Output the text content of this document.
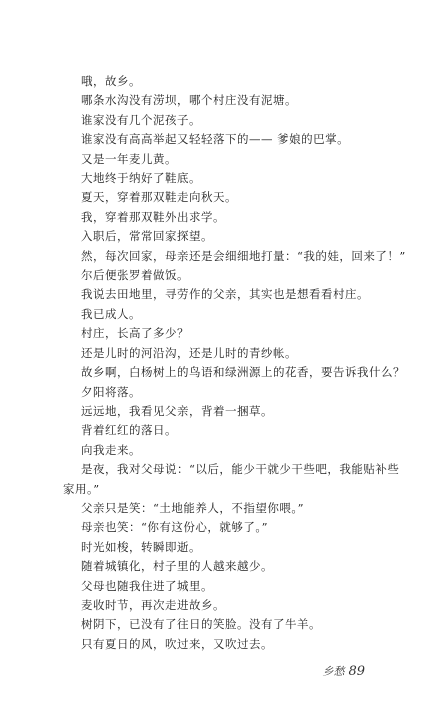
哦，故乡。
哪条水沟没有涝坝，哪个村庄没有泥塘。
谁家没有几个泥孩子。
谁家没有高高举起又轻轻落下的—— 爹娘的巴掌。
又是一年麦儿黄。
大地终于纳好了鞋底。
夏天，穿着那双鞋走向秋天。
我，穿着那双鞋外出求学。
入职后，常常回家探望。
然，每次回家，母亲还是会细细地打量：“我的娃，回来了！”
尔后便张罗着做饭。
我说去田地里，寻劳作的父亲，其实也是想看看村庄。
我已成人。
村庄，长高了多少？
还是儿时的河沿沟，还是儿时的青纱帐。
故乡啊，白杨树上的鸟语和绿洲源上的花香，要告诉我什么？
夕阳将落。
远远地，我看见父亲，背着一捆草。
背着红红的落日。
向我走来。
是夜，我对父母说：“以后，能少干就少干些吧，我能贴补些
家用。”
父亲只是笑：“土地能养人，不指望你喂。”
母亲也笑：“你有这份心，就够了。”
时光如梭，转瞬即逝。
随着城镇化，村子里的人越来越少。
父母也随我住进了城里。
麦收时节，再次走进故乡。
树阴下，已没有了往日的笑脸。没有了牛羊。
只有夏日的风，吹过来，又吹过去。
乡愁 89
